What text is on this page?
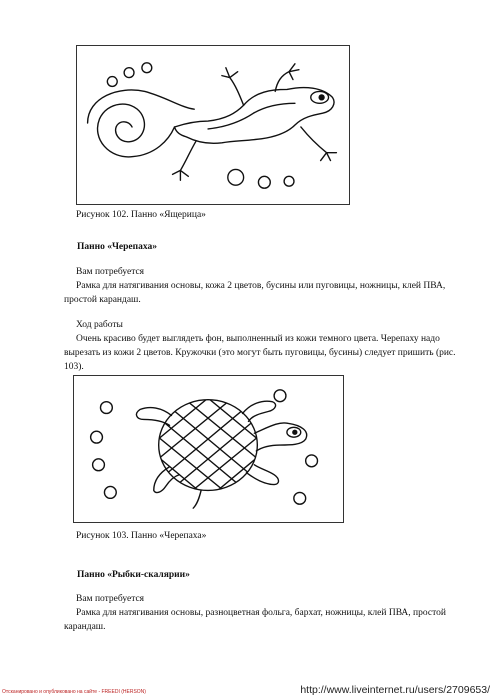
Рисунок 102. Панно «Ящерица»
Панно «Черепаха»
Вам потребуется
Рамка для натягивания основы, кожа 2 цветов, бусины или пуговицы, ножницы, клей ПВА, простой карандаш.
Ход работы
Очень красиво будет выглядеть фон, выполненный из кожи темного цвета. Черепаху надо вырезать из кожи 2 цветов. Кружочки (это могут быть пуговицы, бусины) следует пришить (рис. 103).
Рисунок 103. Панно «Черепаха»
Панно «Рыбки-скалярии»
Вам потребуется
Рамка для натягивания основы, разноцветная фольга, бархат, ножницы, клей ПВА, простой карандаш.
Отсканировано и опубликовано на сайте - FREEDI (HERSON)	http://www.liveinternet.ru/users/2709653/
